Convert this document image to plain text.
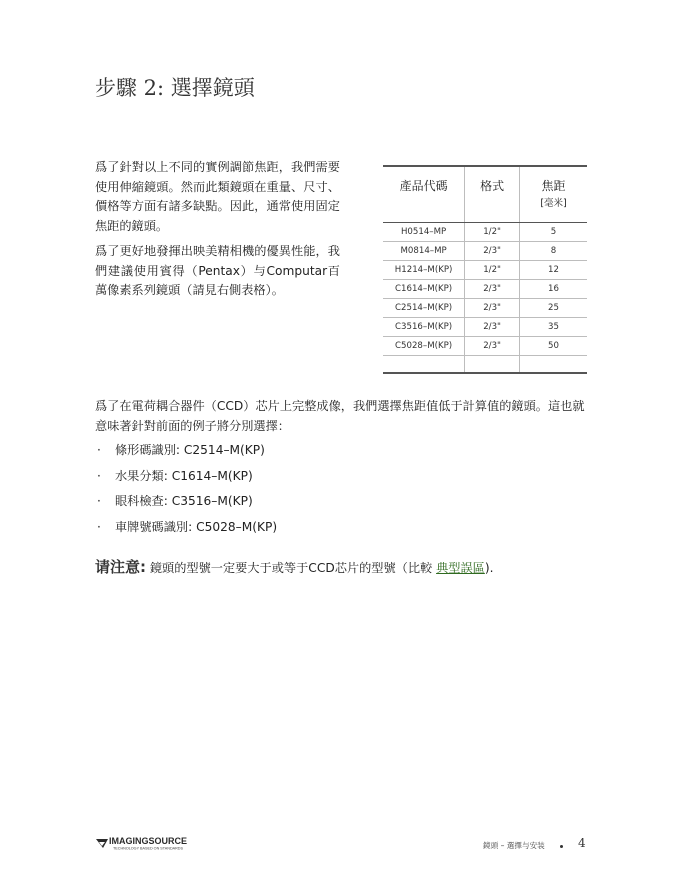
步驟 2: 選擇鏡頭

爲了針對以上不同的實例調節焦距，我們需要使用伸縮鏡頭。然而此類鏡頭在重量、尺寸、價格等方面有諸多缺點。因此，通常使用固定焦距的鏡頭。

爲了更好地發揮出映美精相機的優異性能，我們建議使用賓得（Pentax）与Computar百萬像素系列鏡頭（請見右側表格）。

產品代碼	格式	焦距
[毫米]

H0514–MP	1/2"	5
M0814–MP	2/3"	8
H1214–M(KP)	1/2"	12
C1614–M(KP)	2/3"	16
C2514–M(KP)	2/3"	25
C3516–M(KP)	2/3"	35
C5028–M(KP)	2/3"	50

爲了在電荷耦合器件（CCD）芯片上完整成像，我們選擇焦距值低于計算值的鏡頭。這也就意味著針對前面的例子將分別選擇：

· 條形碼識別: C2514–M(KP)
· 水果分類: C1614–M(KP)
· 眼科檢查: C3516–M(KP)
· 車牌號碼識別: C5028–M(KP)
请注意: 鏡頭的型號一定要大于或等于CCD芯片的型號（比較 典型誤區).
IMAGINGSOURCE
TECHNOLOGY BASED ON STANDARDS	鏡頭 – 選擇与安装	4
